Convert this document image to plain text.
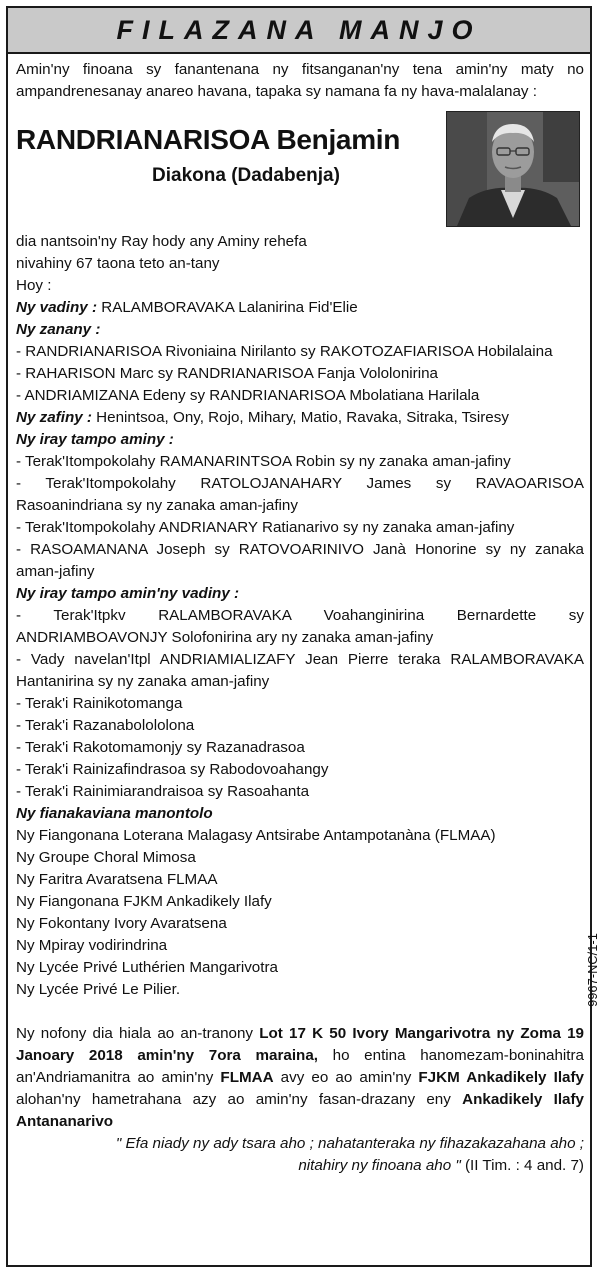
FILAZANA MANJO

Amin'ny finoana sy fanantenana ny fitsanganan'ny tena amin'ny maty no ampandrenesanay anareo havana, tapaka sy namana fa ny hava-malalanay :

RANDRIANARISOA Benjamin

Diakona (Dadabenja)

dia nantsoin'ny Ray hody any Aminy rehefa

nivahiny 67 taona teto an-tany

Hoy :

Ny vadiny : RALAMBORAVAKA Lalanirina Fid'Elie

Ny zanany :

- RANDRIANARISOA Rivoniaina Nirilanto sy RAKOTOZAFIARISOA Hobilalaina

- RAHARISON Marc sy RANDRIANARISOA Fanja Vololonirina

- ANDRIAMIZANA Edeny sy RANDRIANARISOA Mbolatiana Harilala

Ny zafiny : Henintsoa, Ony, Rojo, Mihary, Matio, Ravaka, Sitraka, Tsiresy

Ny iray tampo aminy :

- Terak'Itompokolahy RAMANARINTSOA Robin sy ny zanaka aman-jafiny

- Terak'Itompokolahy RATOLOJANAHARY James sy RAVAOARISOA Rasoanindriana sy ny zanaka aman-jafiny

- Terak'Itompokolahy ANDRIANARY Ratianarivo sy ny zanaka aman-jafiny

- RASOAMANANA Joseph sy RATOVOARINIVO Janà Honorine sy ny zanaka aman-jafiny

Ny iray tampo amin'ny vadiny :

- Terak'Itpkv RALAMBORAVAKA Voahanginirina Bernardette sy ANDRIAMBOAVONJY Solofonirina ary ny zanaka aman-jafiny

- Vady navelan'Itpl ANDRIAMIALIZAFY Jean Pierre teraka RALAMBORAVAKA Hantanirina sy ny zanaka aman-jafiny

- Terak'i Rainikotomanga

- Terak'i Razanabolololona

- Terak'i Rakotomamonjy sy Razanadrasoa

- Terak'i Rainizafindrasoa sy Rabodovoahangy

- Terak'i Rainimiarandraisoa sy Rasoahanta

Ny fianakaviana manontolo

Ny Fiangonana Loterana Malagasy Antsirabe Antampotanàna (FLMAA)

Ny Groupe Choral Mimosa

Ny Faritra Avaratsena FLMAA

Ny Fiangonana FJKM Ankadikely Ilafy

Ny Fokontany Ivory Avaratsena

Ny Mpiray vodirindrina

Ny Lycée Privé Luthérien Mangarivotra

Ny Lycée Privé Le Pilier.

Ny nofony dia hiala ao an-tranony Lot 17 K 50 Ivory Mangarivotra ny Zoma 19 Janoary 2018 amin'ny 7ora maraina, ho entina hanomezam-boninahitra an'Andriamanitra ao amin'ny FLMAA avy eo ao amin'ny FJKM Ankadikely Ilafy alohan'ny hametrahana azy ao amin'ny fasan-drazany eny Ankadikely Ilafy Antananarivo

" Efa niady ny ady tsara aho ; nahatanteraka ny fihazakazahana aho ;

nitahiry ny finoana aho " (II Tim. : 4 and. 7)

9967-NC/1-1
